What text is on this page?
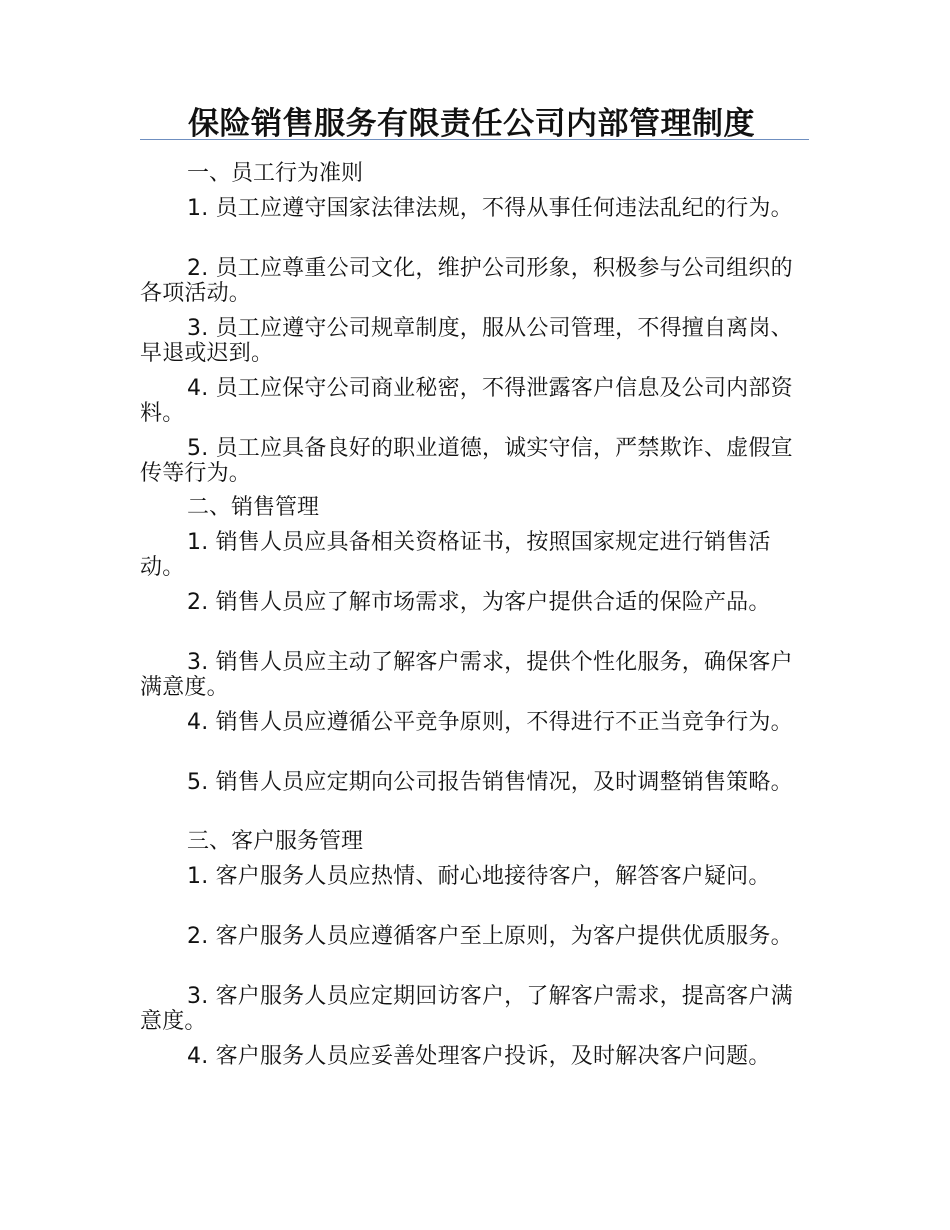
保险销售服务有限责任公司内部管理制度
一、员工行为准则

1. 员工应遵守国家法律法规，不得从事任何违法乱纪的行为。

2. 员工应尊重公司文化，维护公司形象，积极参与公司组织的各项活动。

3. 员工应遵守公司规章制度，服从公司管理，不得擅自离岗、早退或迟到。

4. 员工应保守公司商业秘密，不得泄露客户信息及公司内部资料。

5. 员工应具备良好的职业道德，诚实守信，严禁欺诈、虚假宣传等行为。

二、销售管理

1. 销售人员应具备相关资格证书，按照国家规定进行销售活动。

2. 销售人员应了解市场需求，为客户提供合适的保险产品。

3. 销售人员应主动了解客户需求，提供个性化服务，确保客户满意度。

4. 销售人员应遵循公平竞争原则，不得进行不正当竞争行为。

5. 销售人员应定期向公司报告销售情况，及时调整销售策略。

三、客户服务管理

1. 客户服务人员应热情、耐心地接待客户，解答客户疑问。

2. 客户服务人员应遵循客户至上原则，为客户提供优质服务。

3. 客户服务人员应定期回访客户，了解客户需求，提高客户满意度。

4. 客户服务人员应妥善处理客户投诉，及时解决客户问题。
